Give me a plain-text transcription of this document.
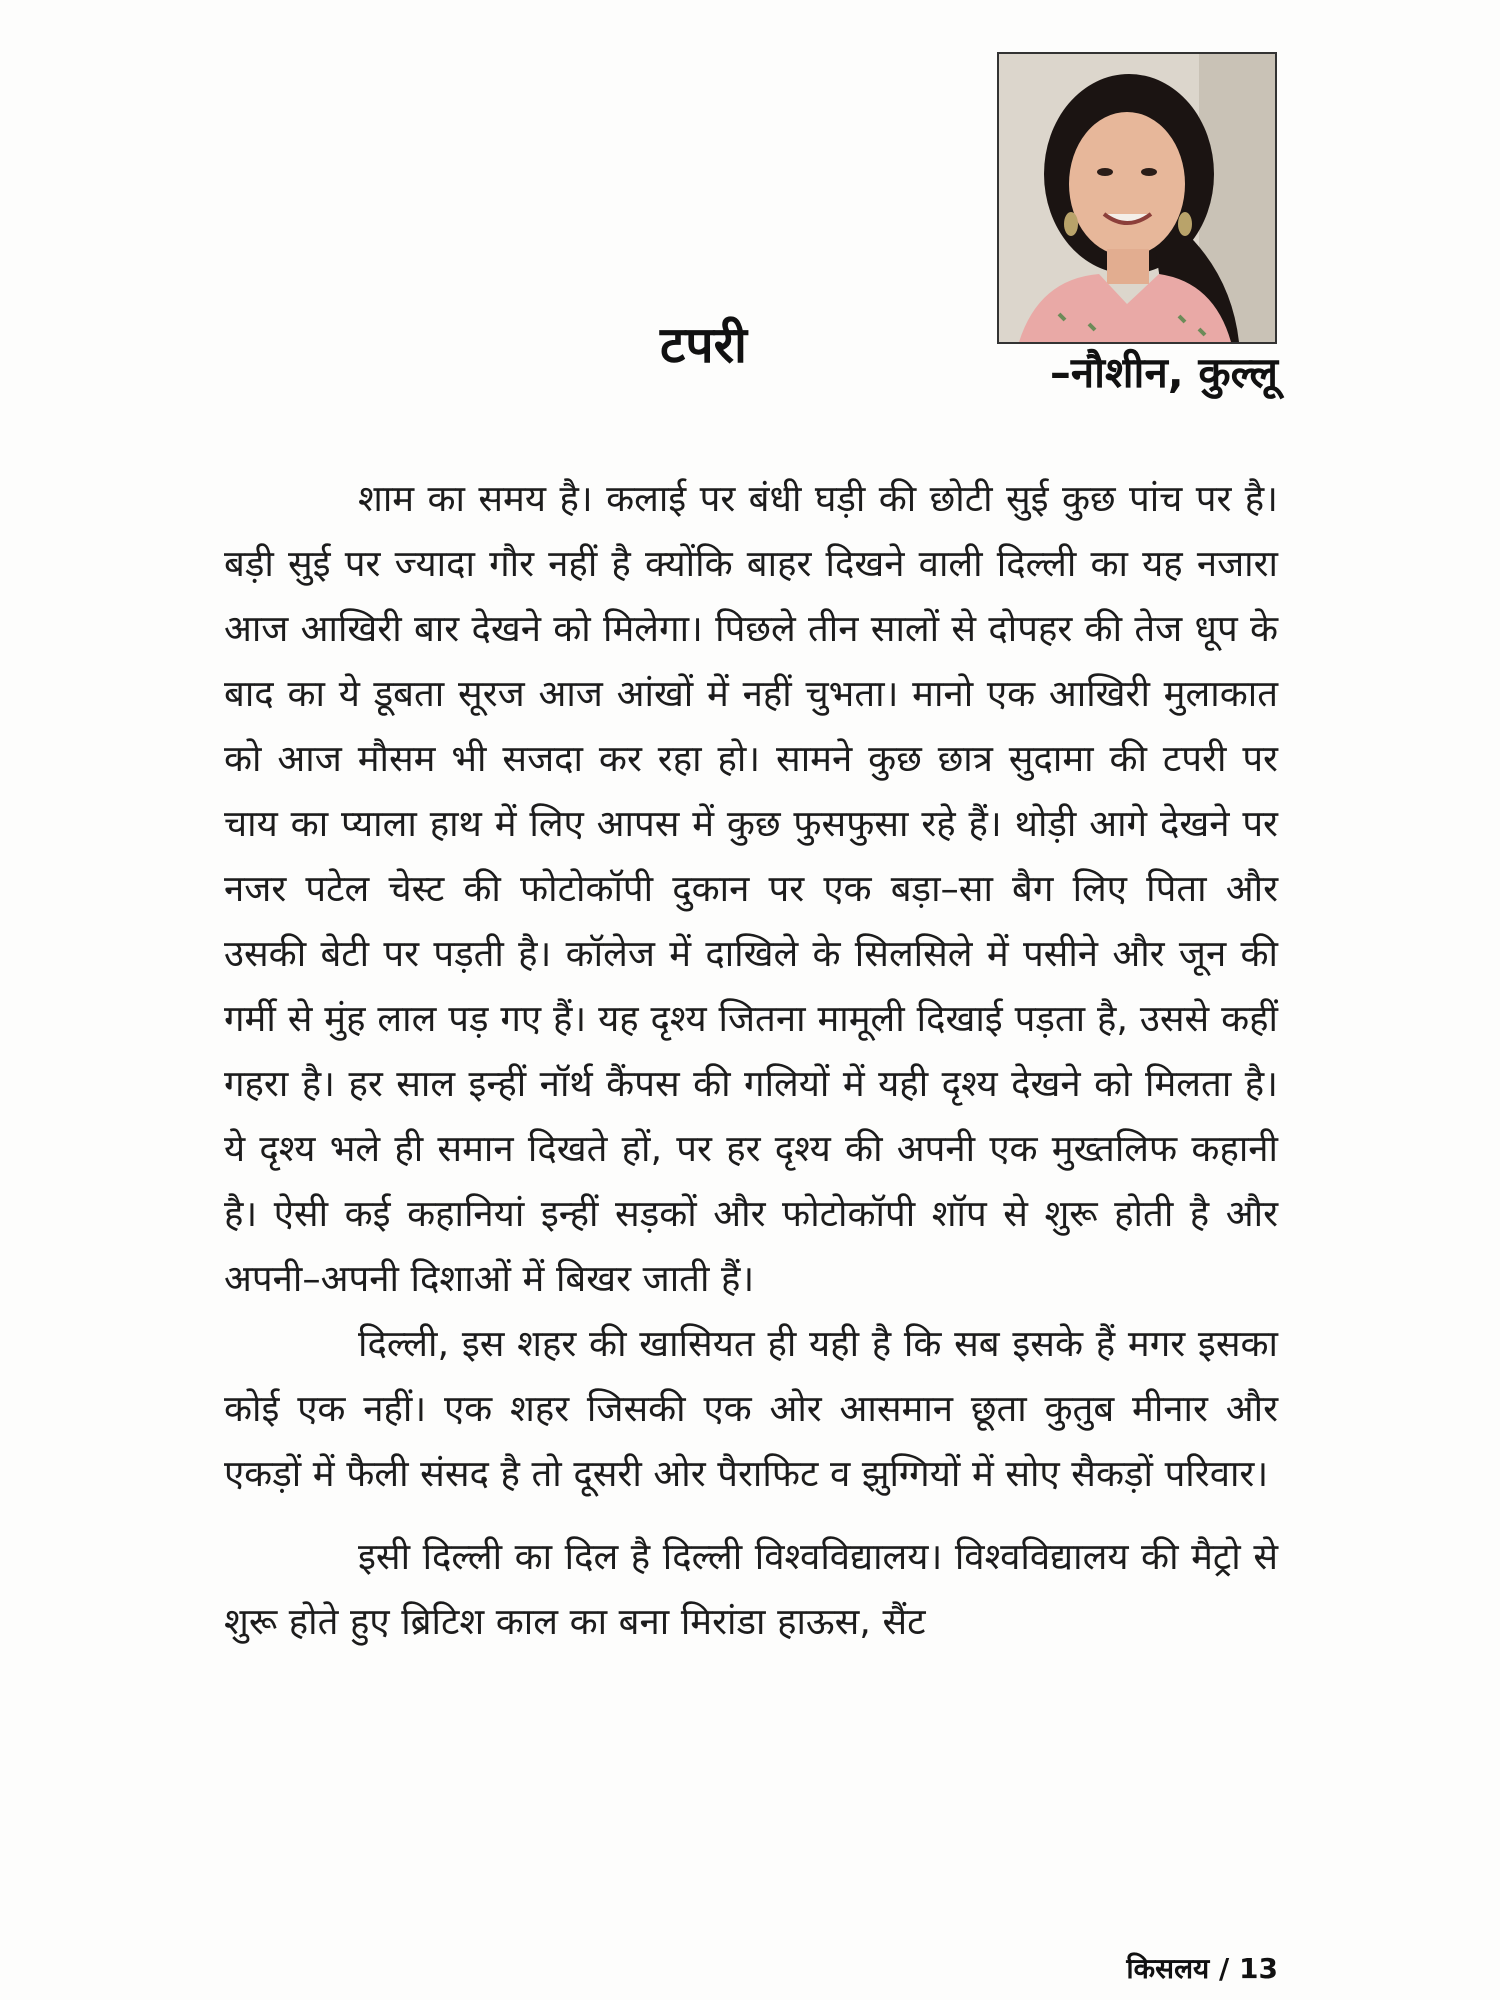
टपरी	–नौशीन, कुल्लू

शाम का समय है। कलाई पर बंधी घड़ी की छोटी सुई कुछ पांच पर है। बड़ी सुई पर ज्यादा गौर नहीं है क्योंकि बाहर दिखने वाली दिल्ली का यह नजारा आज आखिरी बार देखने को मिलेगा। पिछले तीन सालों से दोपहर की तेज धूप के बाद का ये डूबता सूरज आज आंखों में नहीं चुभता। मानो एक आखिरी मुलाकात को आज मौसम भी सजदा कर रहा हो। सामने कुछ छात्र सुदामा की टपरी पर चाय का प्याला हाथ में लिए आपस में कुछ फुसफुसा रहे हैं। थोड़ी आगे देखने पर नजर पटेल चेस्ट की फोटोकॉपी दुकान पर एक बड़ा–सा बैग लिए पिता और उसकी बेटी पर पड़ती है। कॉलेज में दाखिले के सिलसिले में पसीने और जून की गर्मी से मुंह लाल पड़ गए हैं। यह दृश्य जितना मामूली दिखाई पड़ता है, उससे कहीं गहरा है। हर साल इन्हीं नॉर्थ कैंपस की गलियों में यही दृश्य देखने को मिलता है। ये दृश्य भले ही समान दिखते हों, पर हर दृश्य की अपनी एक मुख्तलिफ कहानी है। ऐसी कई कहानियां इन्हीं सड़कों और फोटोकॉपी शॉप से शुरू होती है और अपनी–अपनी दिशाओं में बिखर जाती हैं।

दिल्ली, इस शहर की खासियत ही यही है कि सब इसके हैं मगर इसका कोई एक नहीं। एक शहर जिसकी एक ओर आसमान छूता कुतुब मीनार और एकड़ों में फैली संसद है तो दूसरी ओर पैराफिट व झुग्गियों में सोए सैकड़ों परिवार।

इसी दिल्ली का दिल है दिल्ली विश्वविद्यालय। विश्वविद्यालय की मैट्रो से शुरू होते हुए ब्रिटिश काल का बना मिरांडा हाऊस, सैंट

किसलय / 13
